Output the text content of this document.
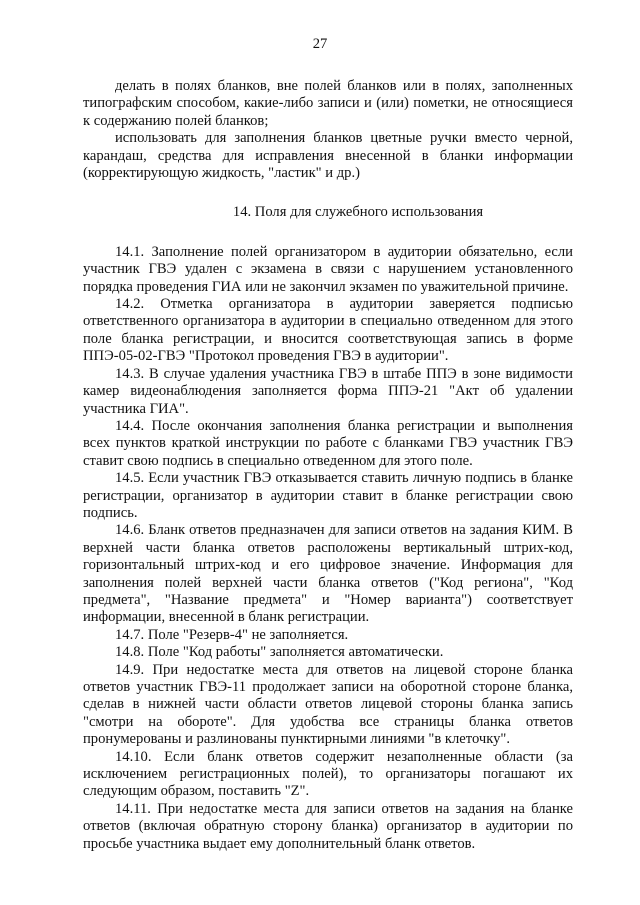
27

делать в полях бланков, вне полей бланков или в полях, заполненных типографским способом, какие-либо записи и (или) пометки, не относящиеся к содержанию полей бланков;

использовать для заполнения бланков цветные ручки вместо черной, карандаш, средства для исправления внесенной в бланки информации (корректирующую жидкость, "ластик" и др.)

14. Поля для служебного использования

14.1. Заполнение полей организатором в аудитории обязательно, если участник ГВЭ удален с экзамена в связи с нарушением установленного порядка проведения ГИА или не закончил экзамен по уважительной причине.

14.2. Отметка организатора в аудитории заверяется подписью ответственного организатора в аудитории в специально отведенном для этого поле бланка регистрации, и вносится соответствующая запись в форме ППЭ-05-02-ГВЭ "Протокол проведения ГВЭ в аудитории".

14.3. В случае удаления участника ГВЭ в штабе ППЭ в зоне видимости камер видеонаблюдения заполняется форма ППЭ-21 "Акт об удалении участника ГИА".

14.4. После окончания заполнения бланка регистрации и выполнения всех пунктов краткой инструкции по работе с бланками ГВЭ участник ГВЭ ставит свою подпись в специально отведенном для этого поле.

14.5. Если участник ГВЭ отказывается ставить личную подпись в бланке регистрации, организатор в аудитории ставит в бланке регистрации свою подпись.

14.6. Бланк ответов предназначен для записи ответов на задания КИМ. В верхней части бланка ответов расположены вертикальный штрих-код, горизонтальный штрих-код и его цифровое значение. Информация для заполнения полей верхней части бланка ответов ("Код региона", "Код предмета", "Название предмета" и "Номер варианта") соответствует информации, внесенной в бланк регистрации.

14.7. Поле "Резерв-4" не заполняется.

14.8. Поле "Код работы" заполняется автоматически.

14.9. При недостатке места для ответов на лицевой стороне бланка ответов участник ГВЭ-11 продолжает записи на оборотной стороне бланка, сделав в нижней части области ответов лицевой стороны бланка запись "смотри на обороте". Для удобства все страницы бланка ответов пронумерованы и разлинованы пунктирными линиями "в клеточку".

14.10. Если бланк ответов содержит незаполненные области (за исключением регистрационных полей), то организаторы погашают их следующим образом, поставить "Z".

14.11. При недостатке места для записи ответов на задания на бланке ответов (включая обратную сторону бланка) организатор в аудитории по просьбе участника выдает ему дополнительный бланк ответов.
